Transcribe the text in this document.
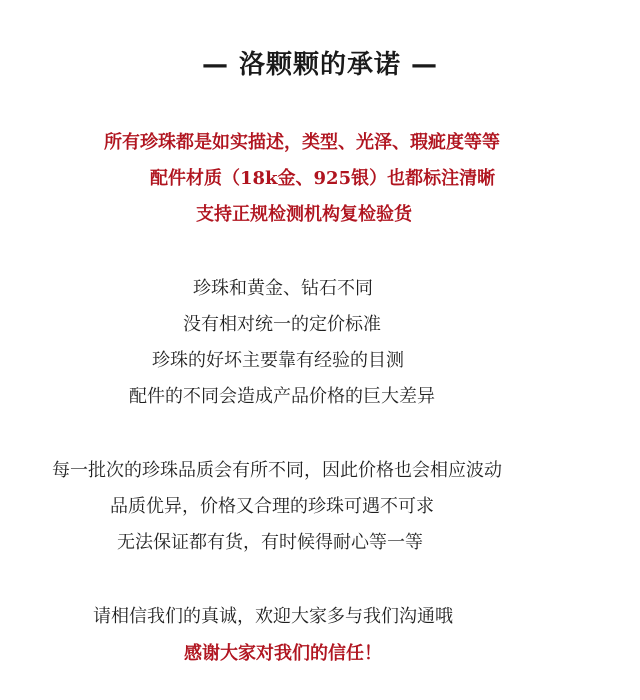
— 洛颗颗的承诺 —
所有珍珠都是如实描述，类型、光泽、瑕疵度等等
配件材质（18k金、925银）也都标注清晰
支持正规检测机构复检验货
珍珠和黄金、钻石不同
没有相对统一的定价标准
珍珠的好坏主要靠有经验的目测
配件的不同会造成产品价格的巨大差异
每一批次的珍珠品质会有所不同，因此价格也会相应波动
品质优异，价格又合理的珍珠可遇不可求
无法保证都有货，有时候得耐心等一等
请相信我们的真诚，欢迎大家多与我们沟通哦
感谢大家对我们的信任！
